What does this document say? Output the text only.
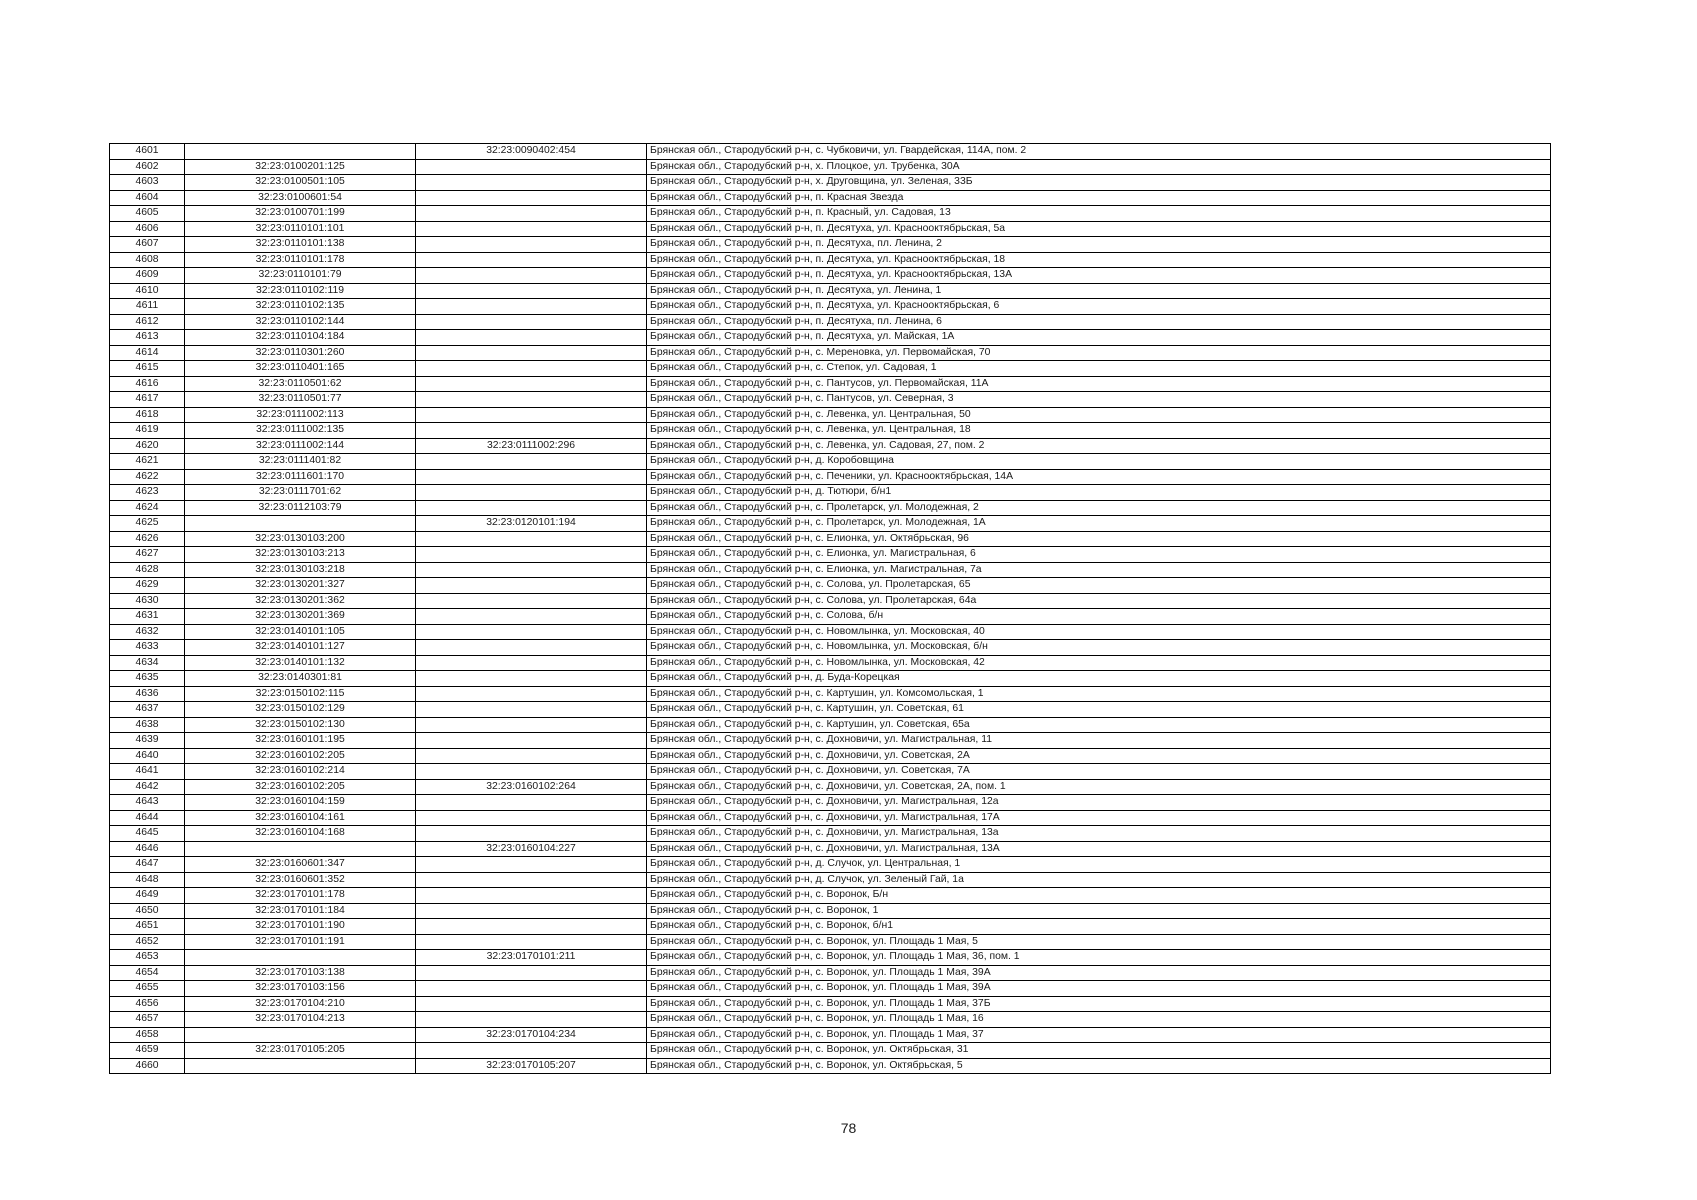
4601		32:23:0090402:454	Брянская обл., Стародубский р-н, с. Чубковичи, ул. Гвардейская, 114А, пом. 2
4602	32:23:0100201:125		Брянская обл., Стародубский р-н, х. Плоцкое, ул. Трубенка, 30А
4603	32:23:0100501:105		Брянская обл., Стародубский р-н, х. Друговщина, ул. Зеленая, 33Б
4604	32:23:0100601:54		Брянская обл., Стародубский р-н, п. Красная Звезда
4605	32:23:0100701:199		Брянская обл., Стародубский р-н, п. Красный, ул. Садовая, 13
4606	32:23:0110101:101		Брянская обл., Стародубский р-н, п. Десятуха, ул. Краснооктябрьская, 5а
4607	32:23:0110101:138		Брянская обл., Стародубский р-н, п. Десятуха, пл. Ленина, 2
4608	32:23:0110101:178		Брянская обл., Стародубский р-н, п. Десятуха, ул. Краснооктябрьская, 18
4609	32:23:0110101:79		Брянская обл., Стародубский р-н, п. Десятуха, ул. Краснооктябрьская, 13А
4610	32:23:0110102:119		Брянская обл., Стародубский р-н, п. Десятуха, ул. Ленина, 1
4611	32:23:0110102:135		Брянская обл., Стародубский р-н, п. Десятуха, ул. Краснооктябрьская, 6
4612	32:23:0110102:144		Брянская обл., Стародубский р-н, п. Десятуха, пл. Ленина, 6
4613	32:23:0110104:184		Брянская обл., Стародубский р-н, п. Десятуха, ул. Майская, 1А
4614	32:23:0110301:260		Брянская обл., Стародубский р-н, с. Мереновка, ул. Первомайская, 70
4615	32:23:0110401:165		Брянская обл., Стародубский р-н, с. Степок, ул. Садовая, 1
4616	32:23:0110501:62		Брянская обл., Стародубский р-н, с. Пантусов, ул. Первомайская, 11А
4617	32:23:0110501:77		Брянская обл., Стародубский р-н, с. Пантусов, ул. Северная, 3
4618	32:23:0111002:113		Брянская обл., Стародубский р-н, с. Левенка, ул. Центральная, 50
4619	32:23:0111002:135		Брянская обл., Стародубский р-н, с. Левенка, ул. Центральная, 18
4620	32:23:0111002:144	32:23:0111002:296	Брянская обл., Стародубский р-н, с. Левенка, ул. Садовая, 27, пом. 2
4621	32:23:0111401:82		Брянская обл., Стародубский р-н, д. Коробовщина
4622	32:23:0111601:170		Брянская обл., Стародубский р-н, с. Печеники, ул. Краснооктябрьская, 14А
4623	32:23:0111701:62		Брянская обл., Стародубский р-н, д. Тютюри, б/н1
4624	32:23:0112103:79		Брянская обл., Стародубский р-н, с. Пролетарск, ул. Молодежная, 2
4625		32:23:0120101:194	Брянская обл., Стародубский р-н, с. Пролетарск, ул. Молодежная, 1А
4626	32:23:0130103:200		Брянская обл., Стародубский р-н, с. Елионка, ул. Октябрьская, 96
4627	32:23:0130103:213		Брянская обл., Стародубский р-н, с. Елионка, ул. Магистральная, 6
4628	32:23:0130103:218		Брянская обл., Стародубский р-н, с. Елионка, ул. Магистральная, 7а
4629	32:23:0130201:327		Брянская обл., Стародубский р-н, с. Солова, ул. Пролетарская, 65
4630	32:23:0130201:362		Брянская обл., Стародубский р-н, с. Солова, ул. Пролетарская, 64а
4631	32:23:0130201:369		Брянская обл., Стародубский р-н, с. Солова, б/н
4632	32:23:0140101:105		Брянская обл., Стародубский р-н, с. Новомлынка, ул. Московская, 40
4633	32:23:0140101:127		Брянская обл., Стародубский р-н, с. Новомлынка, ул. Московская, б/н
4634	32:23:0140101:132		Брянская обл., Стародубский р-н, с. Новомлынка, ул. Московская, 42
4635	32:23:0140301:81		Брянская обл., Стародубский р-н, д. Буда-Корецкая
4636	32:23:0150102:115		Брянская обл., Стародубский р-н, с. Картушин, ул. Комсомольская, 1
4637	32:23:0150102:129		Брянская обл., Стародубский р-н, с. Картушин, ул. Советская, 61
4638	32:23:0150102:130		Брянская обл., Стародубский р-н, с. Картушин, ул. Советская, 65а
4639	32:23:0160101:195		Брянская обл., Стародубский р-н, с. Дохновичи, ул. Магистральная, 11
4640	32:23:0160102:205		Брянская обл., Стародубский р-н, с. Дохновичи, ул. Советская, 2А
4641	32:23:0160102:214		Брянская обл., Стародубский р-н, с. Дохновичи, ул. Советская, 7А
4642	32:23:0160102:205	32:23:0160102:264	Брянская обл., Стародубский р-н, с. Дохновичи, ул. Советская, 2А, пом. 1
4643	32:23:0160104:159		Брянская обл., Стародубский р-н, с. Дохновичи, ул. Магистральная, 12а
4644	32:23:0160104:161		Брянская обл., Стародубский р-н, с. Дохновичи, ул. Магистральная, 17А
4645	32:23:0160104:168		Брянская обл., Стародубский р-н, с. Дохновичи, ул. Магистральная, 13а
4646		32:23:0160104:227	Брянская обл., Стародубский р-н, с. Дохновичи, ул. Магистральная, 13А
4647	32:23:0160601:347		Брянская обл., Стародубский р-н, д. Случок, ул. Центральная, 1
4648	32:23:0160601:352		Брянская обл., Стародубский р-н, д. Случок, ул. Зеленый Гай, 1а
4649	32:23:0170101:178		Брянская обл., Стародубский р-н, с. Воронок, Б/н
4650	32:23:0170101:184		Брянская обл., Стародубский р-н, с. Воронок, 1
4651	32:23:0170101:190		Брянская обл., Стародубский р-н, с. Воронок, б/н1
4652	32:23:0170101:191		Брянская обл., Стародубский р-н, с. Воронок, ул. Площадь 1 Мая, 5
4653		32:23:0170101:211	Брянская обл., Стародубский р-н, с. Воронок, ул. Площадь 1 Мая, 36, пом. 1
4654	32:23:0170103:138		Брянская обл., Стародубский р-н, с. Воронок, ул. Площадь 1 Мая, 39А
4655	32:23:0170103:156		Брянская обл., Стародубский р-н, с. Воронок, ул. Площадь 1 Мая, 39А
4656	32:23:0170104:210		Брянская обл., Стародубский р-н, с. Воронок, ул. Площадь 1 Мая, 37Б
4657	32:23:0170104:213		Брянская обл., Стародубский р-н, с. Воронок, ул. Площадь 1 Мая, 16
4658		32:23:0170104:234	Брянская обл., Стародубский р-н, с. Воронок, ул. Площадь 1 Мая, 37
4659	32:23:0170105:205		Брянская обл., Стародубский р-н, с. Воронок, ул. Октябрьская, 31
4660		32:23:0170105:207	Брянская обл., Стародубский р-н, с. Воронок, ул. Октябрьская, 5
78
